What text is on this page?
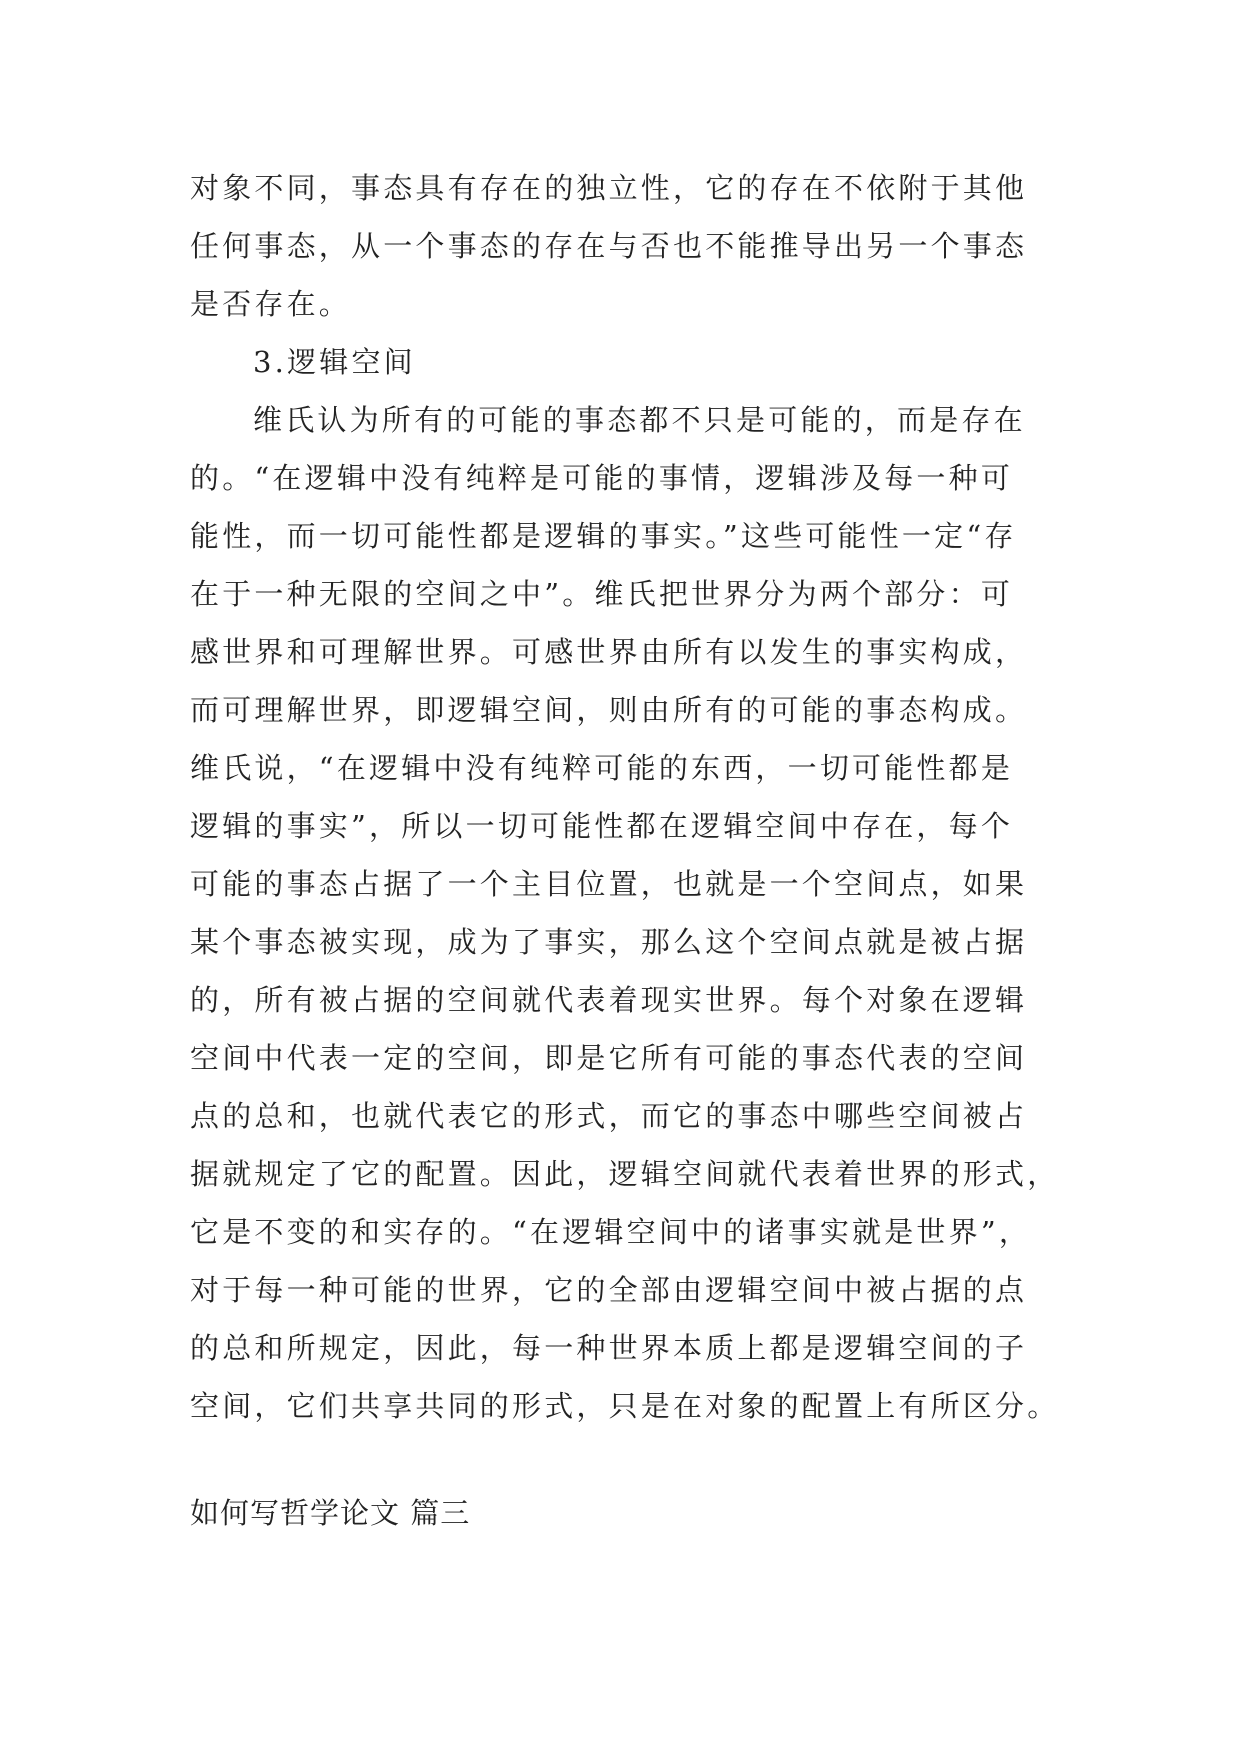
对象不同，事态具有存在的独立性，它的存在不依附于其他

任何事态，从一个事态的存在与否也不能推导出另一个事态

是否存在。

3.逻辑空间

维氏认为所有的可能的事态都不只是可能的，而是存在

的。“在逻辑中没有纯粹是可能的事情，逻辑涉及每一种可

能性，而一切可能性都是逻辑的事实。”这些可能性一定“存

在于一种无限的空间之中”。维氏把世界分为两个部分：可

感世界和可理解世界。可感世界由所有以发生的事实构成，

而可理解世界，即逻辑空间，则由所有的可能的事态构成。

维氏说，“在逻辑中没有纯粹可能的东西，一切可能性都是

逻辑的事实”，所以一切可能性都在逻辑空间中存在，每个

可能的事态占据了一个主目位置，也就是一个空间点，如果

某个事态被实现，成为了事实，那么这个空间点就是被占据

的，所有被占据的空间就代表着现实世界。每个对象在逻辑

空间中代表一定的空间，即是它所有可能的事态代表的空间

点的总和，也就代表它的形式，而它的事态中哪些空间被占

据就规定了它的配置。因此，逻辑空间就代表着世界的形式，

它是不变的和实存的。“在逻辑空间中的诸事实就是世界”，

对于每一种可能的世界，它的全部由逻辑空间中被占据的点

的总和所规定，因此，每一种世界本质上都是逻辑空间的子

空间，它们共享共同的形式，只是在对象的配置上有所区分。

如何写哲学论文 篇三
